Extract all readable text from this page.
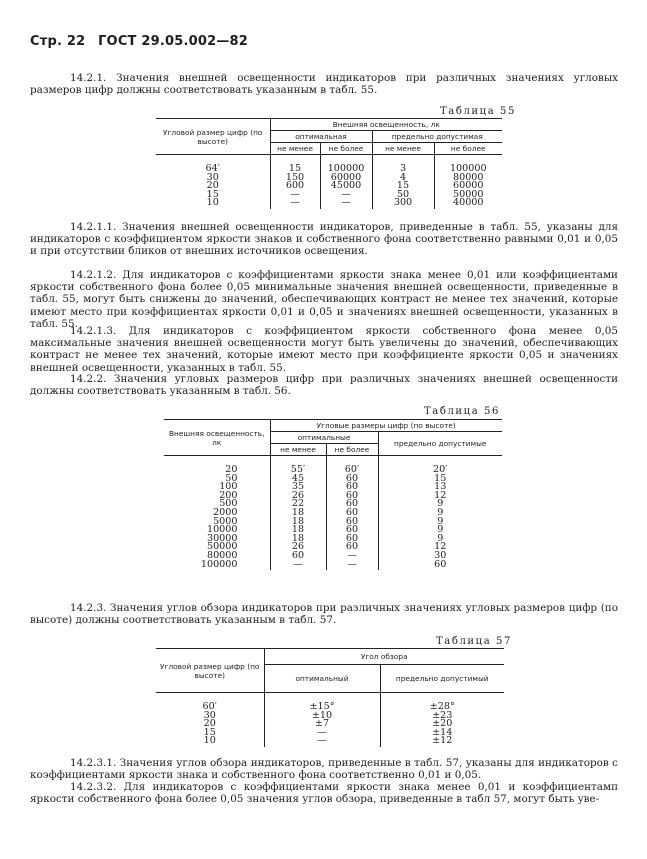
Стр. 22 ГОСТ 29.05.002—82
14.2.1. Значения внешней освещенности индикаторов при различных значениях угловых размеров цифр должны соответствовать указанным в табл. 55.
Таблица 55
Угловой размер цифр (по высоте)	Внешняя освещенность, лк			
	оптимальная		предельно допустимая	
	не менее	не более	не менее	не более
64′	15	100000	3	100000
30	150	60000	4	80000
20	600	45000	15	60000
15	—	—	50	50000
10	—	—	300	40000
14.2.1.1. Значения внешней освещенности индикаторов, приведенные в табл. 55, указаны для индикаторов с коэффициентом яркости знаков и собственного фона соответственно равными 0,01 и 0,05 и при отсутствии бликов от внешних источников освещения.
14.2.1.2. Для индикаторов с коэффициентами яркости знака менее 0,01 или коэффициентами яркости собственного фона более 0,05 минимальные значения внешней освещенности, приведенные в табл. 55, могут быть снижены до значений, обеспечивающих контраст не менее тех значений, которые имеют место при коэффициентах яркости 0,01 и 0,05 и значениях внешней освещенности, указанных в табл. 55.
14.2.1.3. Для индикаторов с коэффициентом яркости собственного фона менее 0,05 максимальные значения внешней освещенности могут быть увеличены до значений, обеспечивающих контраст не менее тех значений, которые имеют место при коэффициенте яркости 0,05 и значениях внешней освещенности, указанных в табл. 55.
14.2.2. Значения угловых размеров цифр при различных значениях внешней освещенности должны соответствовать указанным в табл. 56.
Таблица 56
Внешняя освещенность, лк	Угловые размеры цифр (по высоте)		
	оптимальные		предельно допустимые
	не менее	не более	
20	55′	60′	20′
50	45	60	15
100	35	60	13
200	26	60	12
500	22	60	9
2000	18	60	9
5000	18	60	9
10000	18	60	9
30000	18	60	9
50000	26	60	12
80000	60	—	30
100000	—	—	60
14.2.3. Значения углов обзора индикаторов при различных значениях угловых размеров цифр (по высоте) должны соответствовать указанным в табл. 57.
Таблица 57
Угловой размер цифр (по высоте)	Угол обзора	
	оптимальный	предельно допустимый
60′	±15°	±28°
30	±10	±23
20	±7	±20
15	—	±14
10	—	±12
14.2.3.1. Значения углов обзора индикаторов, приведенные в табл. 57, указаны для индикаторов с коэффициентами яркости знака и собственного фона соответственно 0,01 и 0,05.
14.2.3.2. Для индикаторов с коэффициентами яркости знака менее 0,01 и коэффициентамп яркости собственного фона более 0,05 значения углов обзора, приведенные в табл 57, могут быть уве-
